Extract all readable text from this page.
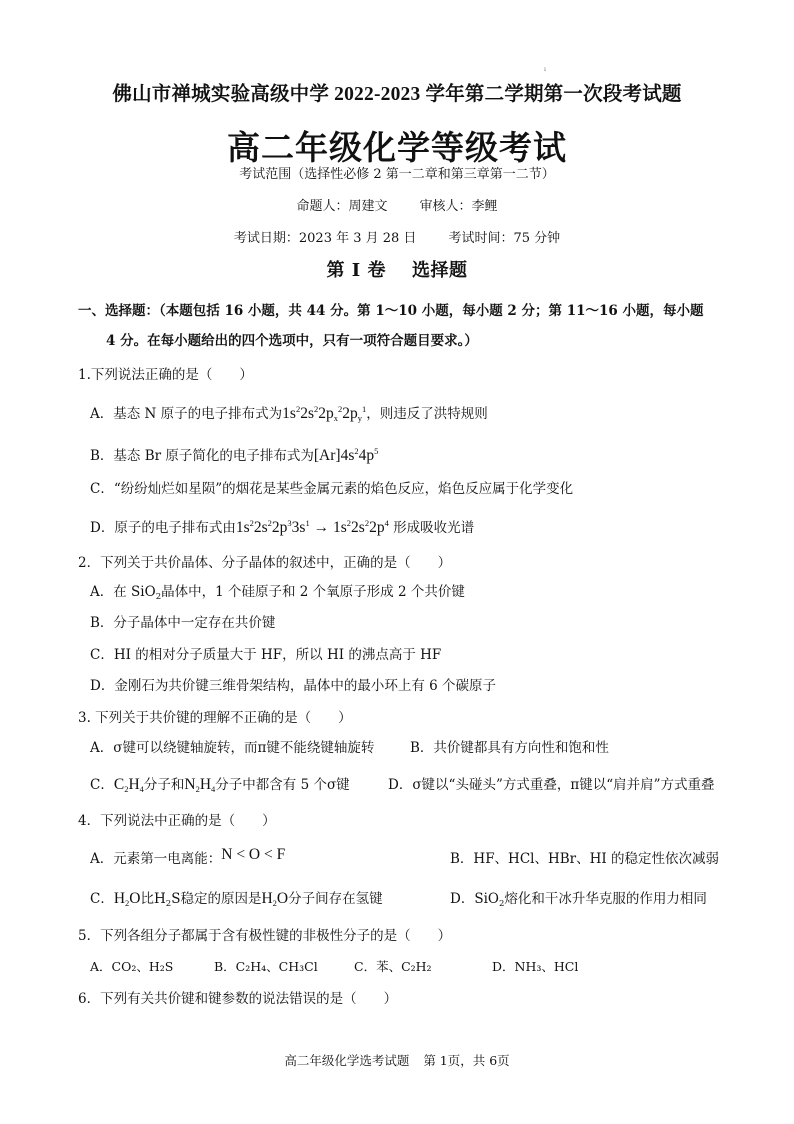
ı
佛山市禅城实验高级中学 2022-2023 学年第二学期第一次段考试题
高二年级化学等级考试
考试范围（选择性必修 2 第一二章和第三章第一二节）
命题人：周建文 审核人：李鲤
考试日期：2023 年 3 月 28 日 考试时间：75 分钟
第 I 卷 选择题
一、选择题：（本题包括 16 小题，共 44 分。第 1～10 小题，每小题 2 分；第 11～16 小题，每小题
4 分。在每小题给出的四个选项中，只有一项符合题目要求。）
1.下列说法正确的是（　　）
A．基态 N 原子的电子排布式为$1s^22s^22p_x^22p_y^1$，则违反了洪特规则
B．基态 Br 原子简化的电子排布式为$[Ar]4s^24p^5$
C．“纷纷灿烂如星陨”的烟花是某些金属元素的焰色反应，焰色反应属于化学变化
D．原子的电子排布式由$1s^22s^22p^33s^1 \to 1s^22s^22p^4$ 形成吸收光谱
2．下列关于共价晶体、分子晶体的叙述中，正确的是（　　）
A．在 SiO$_2$晶体中，1 个硅原子和 2 个氧原子形成 2 个共价键
B．分子晶体中一定存在共价键
C．HI 的相对分子质量大于 HF，所以 HI 的沸点高于 HF
D．金刚石为共价键三维骨架结构，晶体中的最小环上有 6 个碳原子
3. 下列关于共价键的理解不正确的是（　　）
A．σ键可以绕键轴旋转，而π键不能绕键轴旋转	B．共价键都具有方向性和饱和性
C．$C_2H_4$分子和$N_2H_4$分子中都含有 5 个σ键	D．σ键以“头碰头”方式重叠，π键以“肩并肩”方式重叠
4．下列说法中正确的是（　　）
A．元素第一电离能：N < O < F	B．HF、HCl、HBr、HI 的稳定性依次减弱
C．$H_2O$比$H_2S$稳定的原因是$H_2O$分子间存在氢键	D．SiO$_2$熔化和干冰升华克服的作用力相同
5．下列各组分子都属于含有极性键的非极性分子的是（　　）
A．CO₂、H₂S	B．C₂H₄、CH₃Cl	C．苯、C₂H₂	D．NH₃、HCl
6．下列有关共价键和键参数的说法错误的是（　　）
高二年级化学选考试题 第 1页，共 6页
